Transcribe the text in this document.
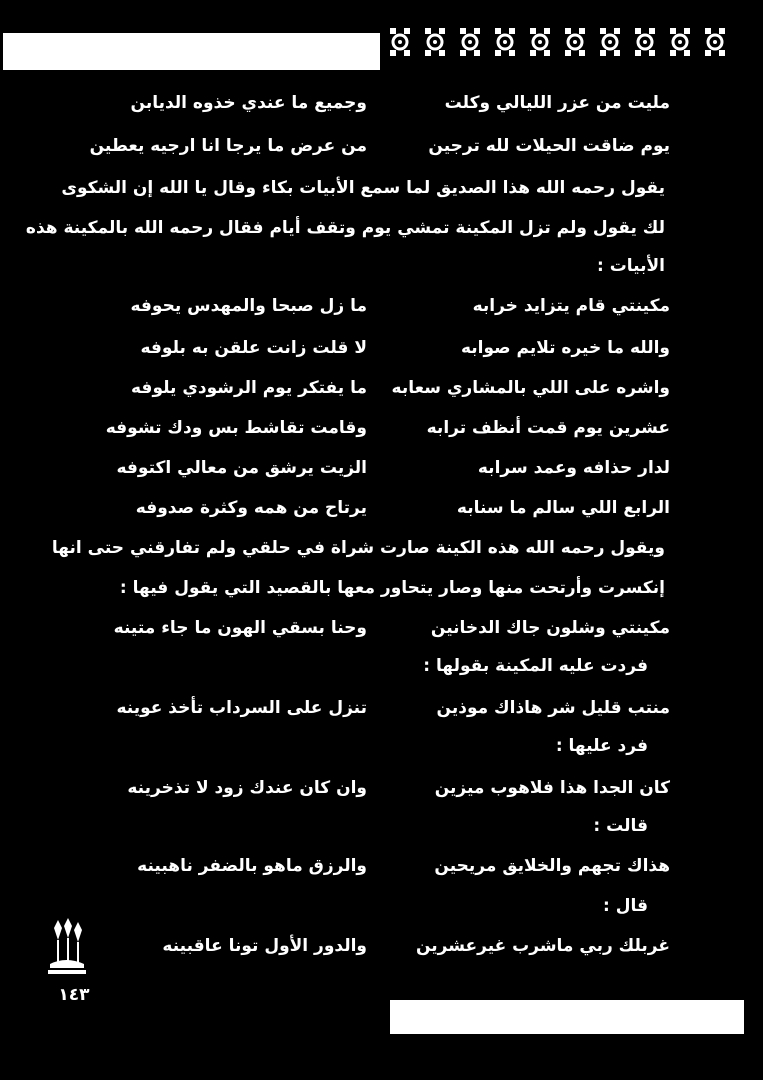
مليت من عزر الليالي وكلت
وجميع ما عندي خذوه الديابن
يوم ضاقت الحيلات لله ترجين
من عرض ما يرجا انا ارجيه يعطين
يقول رحمه الله هذا الصديق لما سمع الأبيات بكاء وقال يا الله إن الشكوى
لك يقول ولم تزل المكينة تمشي يوم وتقف أيام فقال رحمه الله بالمكينة هذه
الأبيات :
مكينتي قام يتزايد خرابه
ما زل صبحا والمهدس يحوفه
والله ما خيره تلايم صوابه
لا قلت زانت علقن به بلوفه
واشره على اللي بالمشاري سعابه
ما يفتكر يوم الرشودي يلوفه
عشرين يوم قمت أنظف ترابه
وقامت تقاشط بس ودك تشوفه
لدار حذافه وعمد سرابه
الزيت يرشق من معالي اكتوفه
الرابع اللي سالم ما سنابه
يرتاح من همه وكثرة صدوفه
ويقول رحمه الله هذه الكينة صارت شراة في حلقي ولم تفارقني حتى انها
إنكسرت وأرتحت منها وصار يتحاور معها بالقصيد التي يقول فيها :
مكينتي وشلون جاك الدخانين
وحنا بسقي الهون ما جاء متينه
فردت عليه المكينة بقولها :
منتب قليل شر هاذاك موذين
تنزل على السرداب تأخذ عوينه
فرد عليها :
كان الجدا هذا فلاهوب ميزين
وان كان عندك زود لا تذخرينه
قالت :
هذاك تجهم والخلايق مريحين
والرزق ماهو بالضفر ناهبينه
قال :
غربلك ربي ماشرب غيرعشرين
والدور الأول تونا عاقبينه
١٤٣
